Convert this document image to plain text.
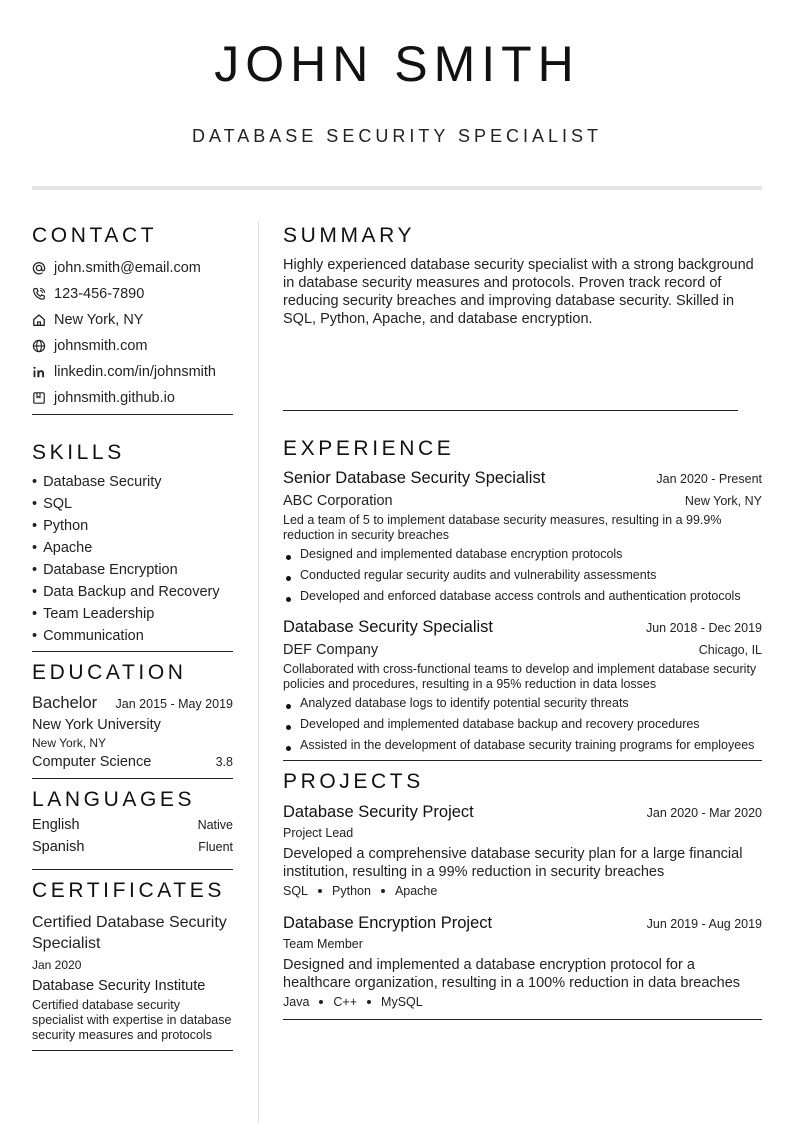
JOHN SMITH
DATABASE SECURITY SPECIALIST
CONTACT
john.smith@email.com
123-456-7890
New York, NY
johnsmith.com
linkedin.com/in/johnsmith
johnsmith.github.io
SKILLS
• Database Security
• SQL
• Python
• Apache
• Database Encryption
• Data Backup and Recovery
• Team Leadership
• Communication
EDUCATION
Bachelor Jan 2015 - May 2019
New York University
New York, NY
Computer Science	3.8
LANGUAGES
English	Native
Spanish	Fluent
CERTIFICATES
Certified Database Security Specialist
Jan 2020
Database Security Institute
Certified database security specialist with expertise in database security measures and protocols
SUMMARY
Highly experienced database security specialist with a strong background in database security measures and protocols. Proven track record of reducing security breaches and improving database security. Skilled in SQL, Python, Apache, and database encryption.
EXPERIENCE
Senior Database Security Specialist	Jan 2020 - Present
ABC Corporation	New York, NY
Led a team of 5 to implement database security measures, resulting in a 99.9% reduction in security breaches
Designed and implemented database encryption protocols
Conducted regular security audits and vulnerability assessments
Developed and enforced database access controls and authentication protocols
Database Security Specialist	Jun 2018 - Dec 2019
DEF Company	Chicago, IL
Collaborated with cross-functional teams to develop and implement database security policies and procedures, resulting in a 95% reduction in data losses
Analyzed database logs to identify potential security threats
Developed and implemented database backup and recovery procedures
Assisted in the development of database security training programs for employees
PROJECTS
Database Security Project	Jan 2020 - Mar 2020
Project Lead
Developed a comprehensive database security plan for a large financial institution, resulting in a 99% reduction in security breaches
SQL Python Apache
Database Encryption Project	Jun 2019 - Aug 2019
Team Member
Designed and implemented a database encryption protocol for a healthcare organization, resulting in a 100% reduction in data breaches
Java C++ MySQL
